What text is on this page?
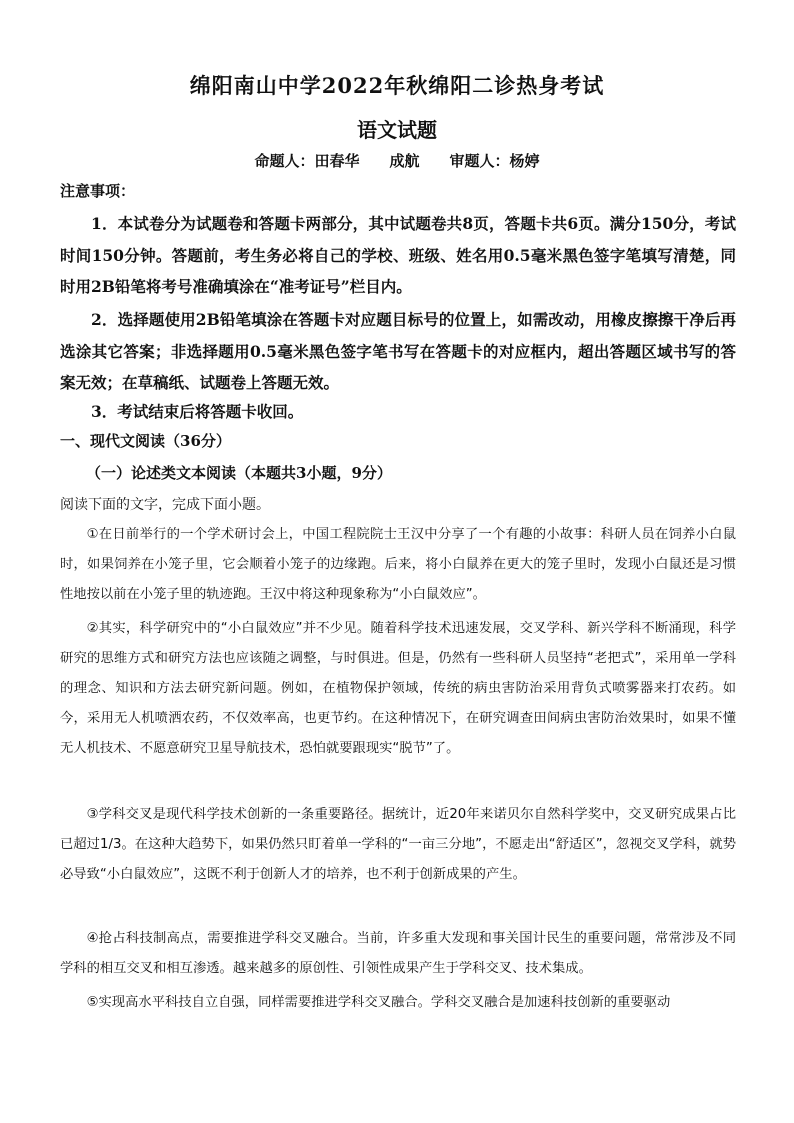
绵阳南山中学2022年秋绵阳二诊热身考试
语文试题
命题人：田春华　　成航　　审题人：杨婷
注意事项：

1．本试卷分为试题卷和答题卡两部分，其中试题卷共8页，答题卡共6页。满分150分，考试时间150分钟。答题前，考生务必将自己的学校、班级、姓名用0.5毫米黑色签字笔填写清楚，同时用2B铅笔将考号准确填涂在“准考证号”栏目内。

2．选择题使用2B铅笔填涂在答题卡对应题目标号的位置上，如需改动，用橡皮擦擦干净后再选涂其它答案；非选择题用0.5毫米黑色签字笔书写在答题卡的对应框内，超出答题区域书写的答案无效；在草稿纸、试题卷上答题无效。

3．考试结束后将答题卡收回。

一、现代文阅读（36分）
（一）论述类文本阅读（本题共3小题，9分）
阅读下面的文字，完成下面小题。

①在日前举行的一个学术研讨会上，中国工程院院士王汉中分享了一个有趣的小故事：科研人员在饲养小白鼠时，如果饲养在小笼子里，它会顺着小笼子的边缘跑。后来，将小白鼠养在更大的笼子里时，发现小白鼠还是习惯性地按以前在小笼子里的轨迹跑。王汉中将这种现象称为“小白鼠效应”。

②其实，科学研究中的“小白鼠效应”并不少见。随着科学技术迅速发展，交叉学科、新兴学科不断涌现，科学研究的思维方式和研究方法也应该随之调整，与时俱进。但是，仍然有一些科研人员坚持“老把式”，采用单一学科的理念、知识和方法去研究新问题。例如，在植物保护领域，传统的病虫害防治采用背负式喷雾器来打农药。如今，采用无人机喷洒农药，不仅效率高，也更节约。在这种情况下，在研究调查田间病虫害防治效果时，如果不懂无人机技术、不愿意研究卫星导航技术，恐怕就要跟现实“脱节”了。

③学科交叉是现代科学技术创新的一条重要路径。据统计，近20年来诺贝尔自然科学奖中，交叉研究成果占比已超过1/3。在这种大趋势下，如果仍然只盯着单一学科的“一亩三分地”，不愿走出“舒适区”，忽视交叉学科，就势必导致“小白鼠效应”，这既不利于创新人才的培养，也不利于创新成果的产生。

④抢占科技制高点，需要推进学科交叉融合。当前，许多重大发现和事关国计民生的重要问题，常常涉及不同学科的相互交叉和相互渗透。越来越多的原创性、引领性成果产生于学科交叉、技术集成。

⑤实现高水平科技自立自强，同样需要推进学科交叉融合。学科交叉融合是加速科技创新的重要驱动
